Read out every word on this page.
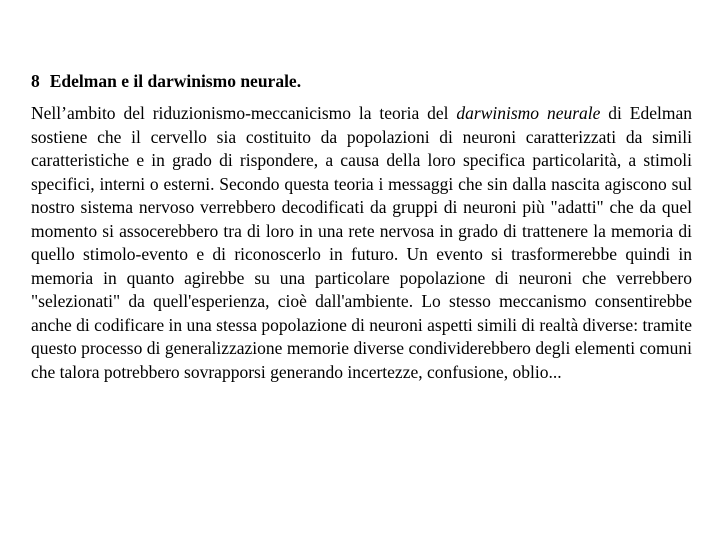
8 Edelman e il darwinismo neurale.

Nell’ambito del riduzionismo-meccanicismo la teoria del darwinismo neurale di Edelman sostiene che il cervello sia costituito da popolazioni di neuroni caratterizzati da simili caratteristiche e in grado di rispondere, a causa della loro specifica particolarità, a stimoli specifici, interni o esterni. Secondo questa teoria i messaggi che sin dalla nascita agiscono sul nostro sistema nervoso verrebbero decodificati da gruppi di neuroni più "adatti" che da quel momento si assocerebbero tra di loro in una rete nervosa in grado di trattenere la memoria di quello stimolo-evento e di riconoscerlo in futuro. Un evento si trasformerebbe quindi in memoria in quanto agirebbe su una particolare popolazione di neuroni che verrebbero "selezionati" da quell'esperienza, cioè dall'ambiente. Lo stesso meccanismo consentirebbe anche di codificare in una stessa popolazione di neuroni aspetti simili di realtà diverse: tramite questo processo di generalizzazione memorie diverse condividerebbero degli elementi comuni che talora potrebbero sovrapporsi generando incertezze, confusione, oblio...
